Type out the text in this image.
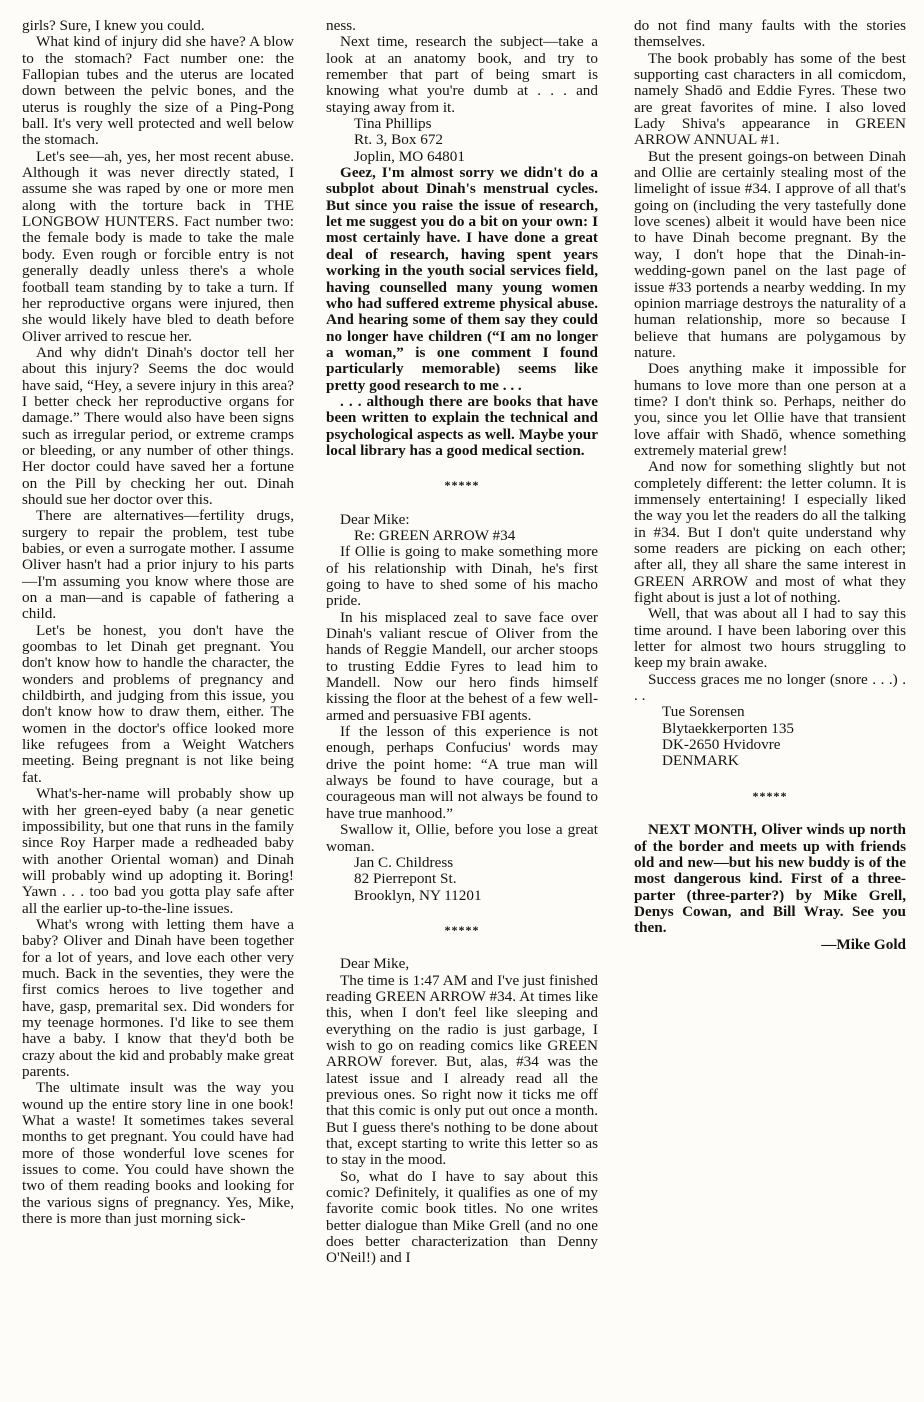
girls? Sure, I knew you could.

What kind of injury did she have? A blow to the stomach? Fact number one: the Fallopian tubes and the uterus are located down between the pelvic bones, and the uterus is roughly the size of a Ping-Pong ball. It's very well protected and well below the stomach.

Let's see—ah, yes, her most recent abuse. Although it was never directly stated, I assume she was raped by one or more men along with the torture back in THE LONGBOW HUNTERS. Fact number two: the female body is made to take the male body. Even rough or forcible entry is not generally deadly unless there's a whole football team standing by to take a turn. If her reproductive organs were injured, then she would likely have bled to death before Oliver arrived to rescue her.

And why didn't Dinah's doctor tell her about this injury? Seems the doc would have said, “Hey, a severe injury in this area? I better check her reproductive organs for damage.” There would also have been signs such as irregular period, or extreme cramps or bleeding, or any number of other things. Her doctor could have saved her a fortune on the Pill by checking her out. Dinah should sue her doctor over this.

There are alternatives—fertility drugs, surgery to repair the problem, test tube babies, or even a surrogate mother. I assume Oliver hasn't had a prior injury to his parts—I'm assuming you know where those are on a man—and is capable of fathering a child.

Let's be honest, you don't have the goombas to let Dinah get pregnant. You don't know how to handle the character, the wonders and problems of pregnancy and childbirth, and judging from this issue, you don't know how to draw them, either. The women in the doctor's office looked more like refugees from a Weight Watchers meeting. Being pregnant is not like being fat.

What's-her-name will probably show up with her green-eyed baby (a near genetic impossibility, but one that runs in the family since Roy Harper made a redheaded baby with another Oriental woman) and Dinah will probably wind up adopting it. Boring! Yawn . . . too bad you gotta play safe after all the earlier up-to-the-line issues.

What's wrong with letting them have a baby? Oliver and Dinah have been together for a lot of years, and love each other very much. Back in the seventies, they were the first comics heroes to live together and have, gasp, premarital sex. Did wonders for my teenage hormones. I'd like to see them have a baby. I know that they'd both be crazy about the kid and probably make great parents.

The ultimate insult was the way you wound up the entire story line in one book! What a waste! It sometimes takes several months to get pregnant. You could have had more of those wonderful love scenes for issues to come. You could have shown the two of them reading books and looking for the various signs of pregnancy. Yes, Mike, there is more than just morning sick-

ness.

Next time, research the subject—take a look at an anatomy book, and try to remember that part of being smart is knowing what you're dumb at . . . and staying away from it.

Tina Phillips

Rt. 3, Box 672

Joplin, MO 64801

Geez, I'm almost sorry we didn't do a subplot about Dinah's menstrual cycles. But since you raise the issue of research, let me suggest you do a bit on your own: I most certainly have. I have done a great deal of research, having spent years working in the youth social services field, having counselled many young women who had suffered extreme physical abuse. And hearing some of them say they could no longer have children (“I am no longer a woman,” is one comment I found particularly memorable) seems like pretty good research to me . . .

. . . although there are books that have been written to explain the technical and psychological aspects as well. Maybe your local library has a good medical section.

*****

Dear Mike:

Re: GREEN ARROW #34

If Ollie is going to make something more of his relationship with Dinah, he's first going to have to shed some of his macho pride.

In his misplaced zeal to save face over Dinah's valiant rescue of Oliver from the hands of Reggie Mandell, our archer stoops to trusting Eddie Fyres to lead him to Mandell. Now our hero finds himself kissing the floor at the behest of a few well-armed and persuasive FBI agents.

If the lesson of this experience is not enough, perhaps Confucius' words may drive the point home: “A true man will always be found to have courage, but a courageous man will not always be found to have true manhood.”

Swallow it, Ollie, before you lose a great woman.

Jan C. Childress

82 Pierrepont St.

Brooklyn, NY 11201

*****

Dear Mike,

The time is 1:47 AM and I've just finished reading GREEN ARROW #34. At times like this, when I don't feel like sleeping and everything on the radio is just garbage, I wish to go on reading comics like GREEN ARROW forever. But, alas, #34 was the latest issue and I already read all the previous ones. So right now it ticks me off that this comic is only put out once a month. But I guess there's nothing to be done about that, except starting to write this letter so as to stay in the mood.

So, what do I have to say about this comic? Definitely, it qualifies as one of my favorite comic book titles. No one writes better dialogue than Mike Grell (and no one does better characterization than Denny O'Neil!) and I

do not find many faults with the stories themselves.

The book probably has some of the best supporting cast characters in all comicdom, namely Shadō and Eddie Fyres. These two are great favorites of mine. I also loved Lady Shiva's appearance in GREEN ARROW ANNUAL #1.

But the present goings-on between Dinah and Ollie are certainly stealing most of the limelight of issue #34. I approve of all that's going on (including the very tastefully done love scenes) albeit it would have been nice to have Dinah become pregnant. By the way, I don't hope that the Dinah-in-wedding-gown panel on the last page of issue #33 portends a nearby wedding. In my opinion marriage destroys the naturality of a human relationship, more so because I believe that humans are polygamous by nature.

Does anything make it impossible for humans to love more than one person at a time? I don't think so. Perhaps, neither do you, since you let Ollie have that transient love affair with Shadō, whence something extremely material grew!

And now for something slightly but not completely different: the letter column. It is immensely entertaining! I especially liked the way you let the readers do all the talking in #34. But I don't quite understand why some readers are picking on each other; after all, they all share the same interest in GREEN ARROW and most of what they fight about is just a lot of nothing.

Well, that was about all I had to say this time around. I have been laboring over this letter for almost two hours struggling to keep my brain awake.

Success graces me no longer (snore . . .) . . .

Tue Sorensen

Blytaekkerporten 135

DK-2650 Hvidovre

DENMARK

*****

NEXT MONTH, Oliver winds up north of the border and meets up with friends old and new—but his new buddy is of the most dangerous kind. First of a three-parter (three-parter?) by Mike Grell, Denys Cowan, and Bill Wray. See you then.

—Mike Gold
